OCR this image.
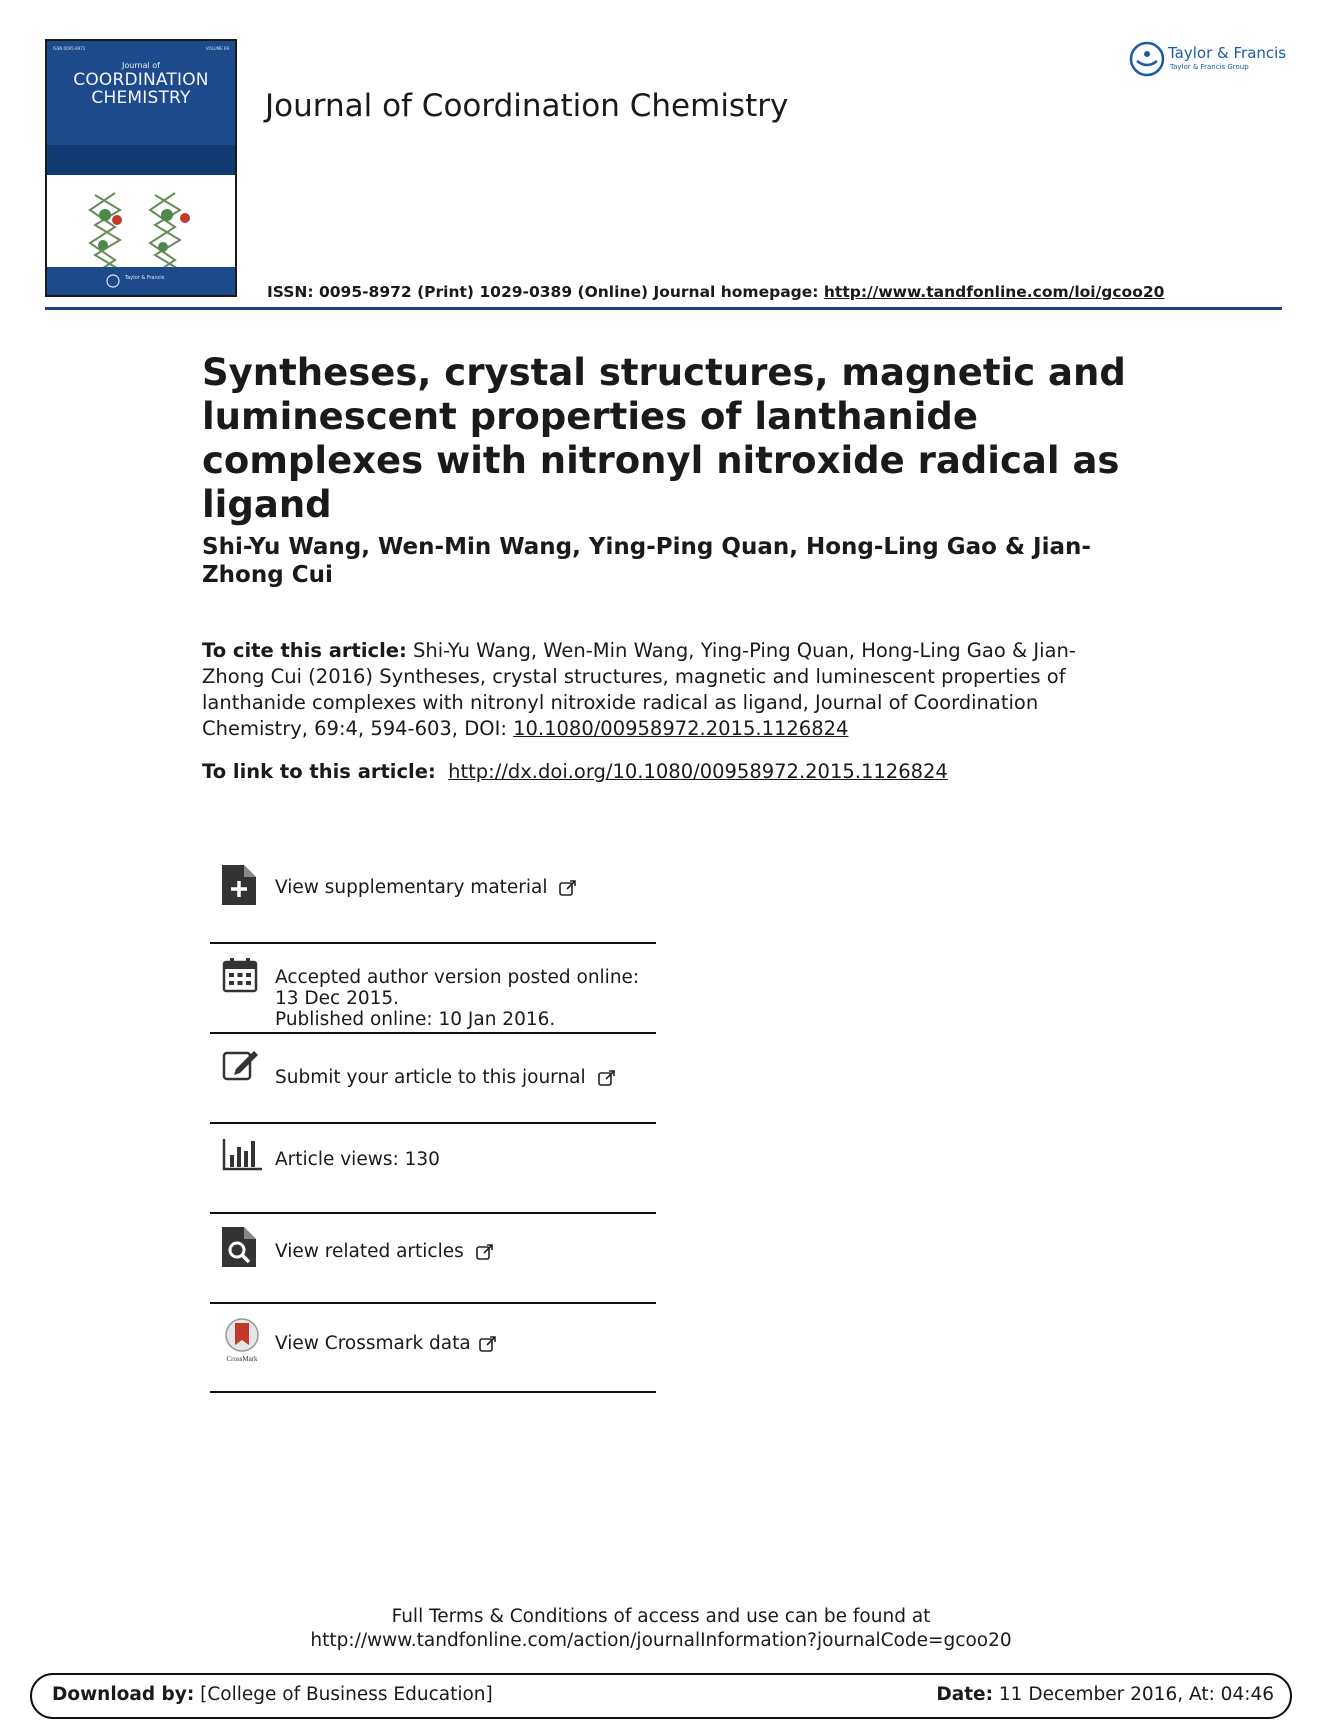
ISSN 0095-8972	VOLUME 69
Journal of
COORDINATION
CHEMISTRY
Taylor & Francis
Journal of Coordination Chemistry
Taylor & Francis
Taylor & Francis Group
ISSN: 0095-8972 (Print) 1029-0389 (Online) Journal homepage: http://www.tandfonline.com/loi/gcoo20
Syntheses, crystal structures, magnetic and luminescent properties of lanthanide complexes with nitronyl nitroxide radical as ligand
Shi-Yu Wang, Wen-Min Wang, Ying-Ping Quan, Hong-Ling Gao & Jian-Zhong Cui
To cite this article: Shi-Yu Wang, Wen-Min Wang, Ying-Ping Quan, Hong-Ling Gao & Jian-Zhong Cui (2016) Syntheses, crystal structures, magnetic and luminescent properties of lanthanide complexes with nitronyl nitroxide radical as ligand, Journal of Coordination Chemistry, 69:4, 594-603, DOI: 10.1080/00958972.2015.1126824
To link to this article: http://dx.doi.org/10.1080/00958972.2015.1126824
View supplementary material
Accepted author version posted online: 13 Dec 2015.
Published online: 10 Jan 2016.
Submit your article to this journal
Article views: 130
View related articles
CrossMark
View Crossmark data
Full Terms & Conditions of access and use can be found at
http://www.tandfonline.com/action/journalInformation?journalCode=gcoo20
Download by: [College of Business Education]	Date: 11 December 2016, At: 04:46
